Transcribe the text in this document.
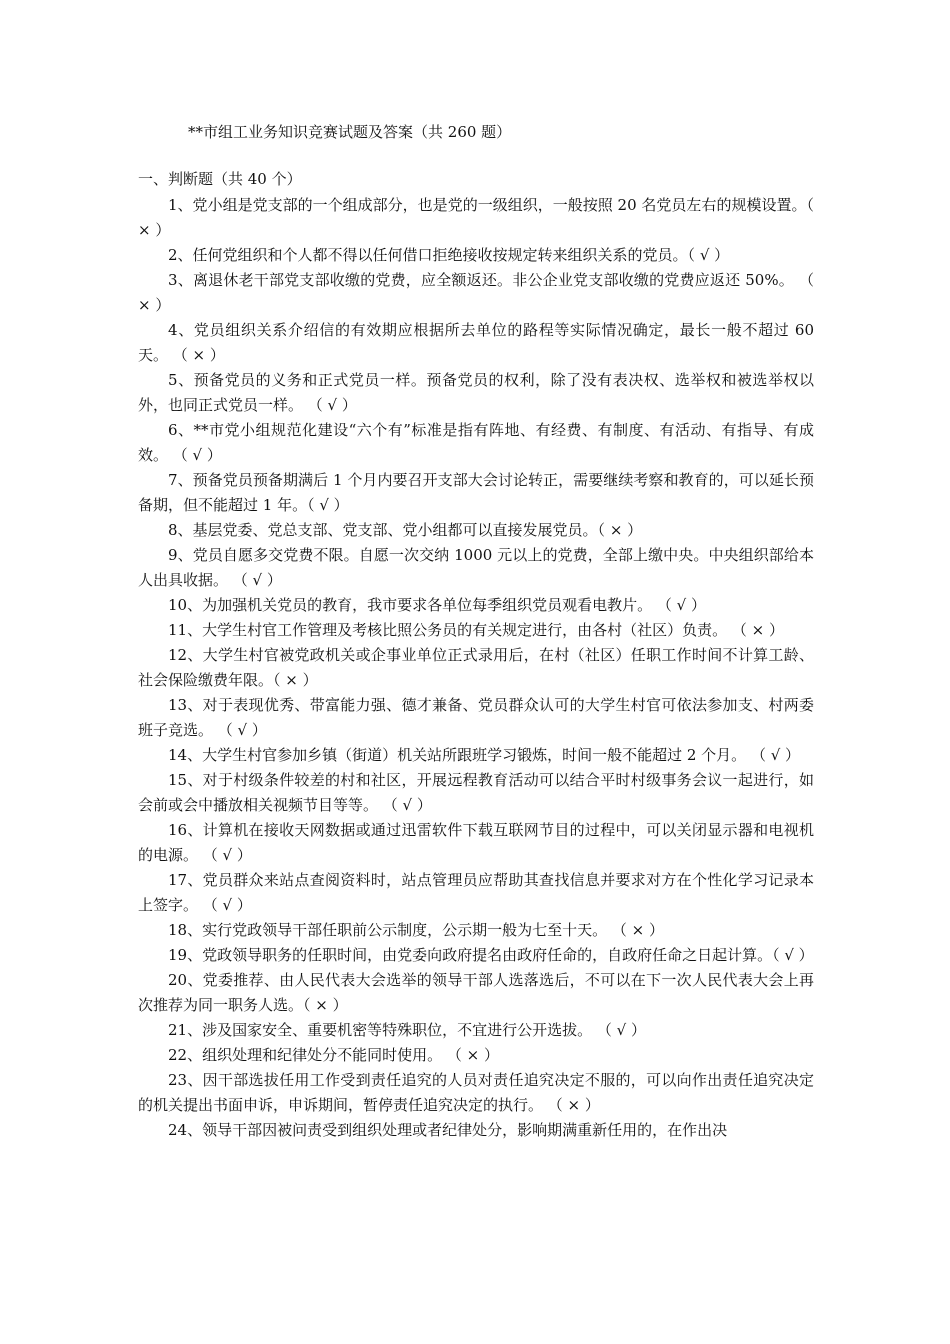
**市组工业务知识竞赛试题及答案（共 260 题）
一、判断题（共 40 个）
1、党小组是党支部的一个组成部分，也是党的一级组织，一般按照 20 名党员左右的规模设置。（ × ）
2、任何党组织和个人都不得以任何借口拒绝接收按规定转来组织关系的党员。（ √ ）
3、离退休老干部党支部收缴的党费，应全额返还。非公企业党支部收缴的党费应返还 50%。 （ × ）
4、党员组织关系介绍信的有效期应根据所去单位的路程等实际情况确定，最长一般不超过 60 天。 （ × ）
5、预备党员的义务和正式党员一样。预备党员的权利，除了没有表决权、选举权和被选举权以外，也同正式党员一样。 （ √ ）
6、**市党小组规范化建设“六个有”标准是指有阵地、有经费、有制度、有活动、有指导、有成效。 （ √ ）
7、预备党员预备期满后 1 个月内要召开支部大会讨论转正，需要继续考察和教育的，可以延长预备期，但不能超过 1 年。（ √ ）
8、基层党委、党总支部、党支部、党小组都可以直接发展党员。（ × ）
9、党员自愿多交党费不限。自愿一次交纳 1000 元以上的党费，全部上缴中央。中央组织部给本人出具收据。 （ √ ）
10、为加强机关党员的教育，我市要求各单位每季组织党员观看电教片。 （ √ ）
11、大学生村官工作管理及考核比照公务员的有关规定进行，由各村（社区）负责。 （ × ）
12、大学生村官被党政机关或企事业单位正式录用后，在村（社区）任职工作时间不计算工龄、社会保险缴费年限。（ × ）
13、对于表现优秀、带富能力强、德才兼备、党员群众认可的大学生村官可依法参加支、村两委班子竞选。 （ √ ）
14、大学生村官参加乡镇（街道）机关站所跟班学习锻炼，时间一般不能超过 2 个月。 （ √ ）
15、对于村级条件较差的村和社区，开展远程教育活动可以结合平时村级事务会议一起进行，如会前或会中播放相关视频节目等等。 （ √ ）
16、计算机在接收天网数据或通过迅雷软件下载互联网节目的过程中，可以关闭显示器和电视机的电源。 （ √ ）
17、党员群众来站点查阅资料时，站点管理员应帮助其查找信息并要求对方在个性化学习记录本上签字。 （ √ ）
18、实行党政领导干部任职前公示制度，公示期一般为七至十天。 （ × ）
19、党政领导职务的任职时间，由党委向政府提名由政府任命的，自政府任命之日起计算。（ √ ）
20、党委推荐、由人民代表大会选举的领导干部人选落选后，不可以在下一次人民代表大会上再次推荐为同一职务人选。（ × ）
21、涉及国家安全、重要机密等特殊职位，不宜进行公开选拔。 （ √ ）
22、组织处理和纪律处分不能同时使用。 （ × ）
23、因干部选拔任用工作受到责任追究的人员对责任追究决定不服的，可以向作出责任追究决定的机关提出书面申诉，申诉期间，暂停责任追究决定的执行。 （ × ）
24、领导干部因被问责受到组织处理或者纪律处分，影响期满重新任用的，在作出决
